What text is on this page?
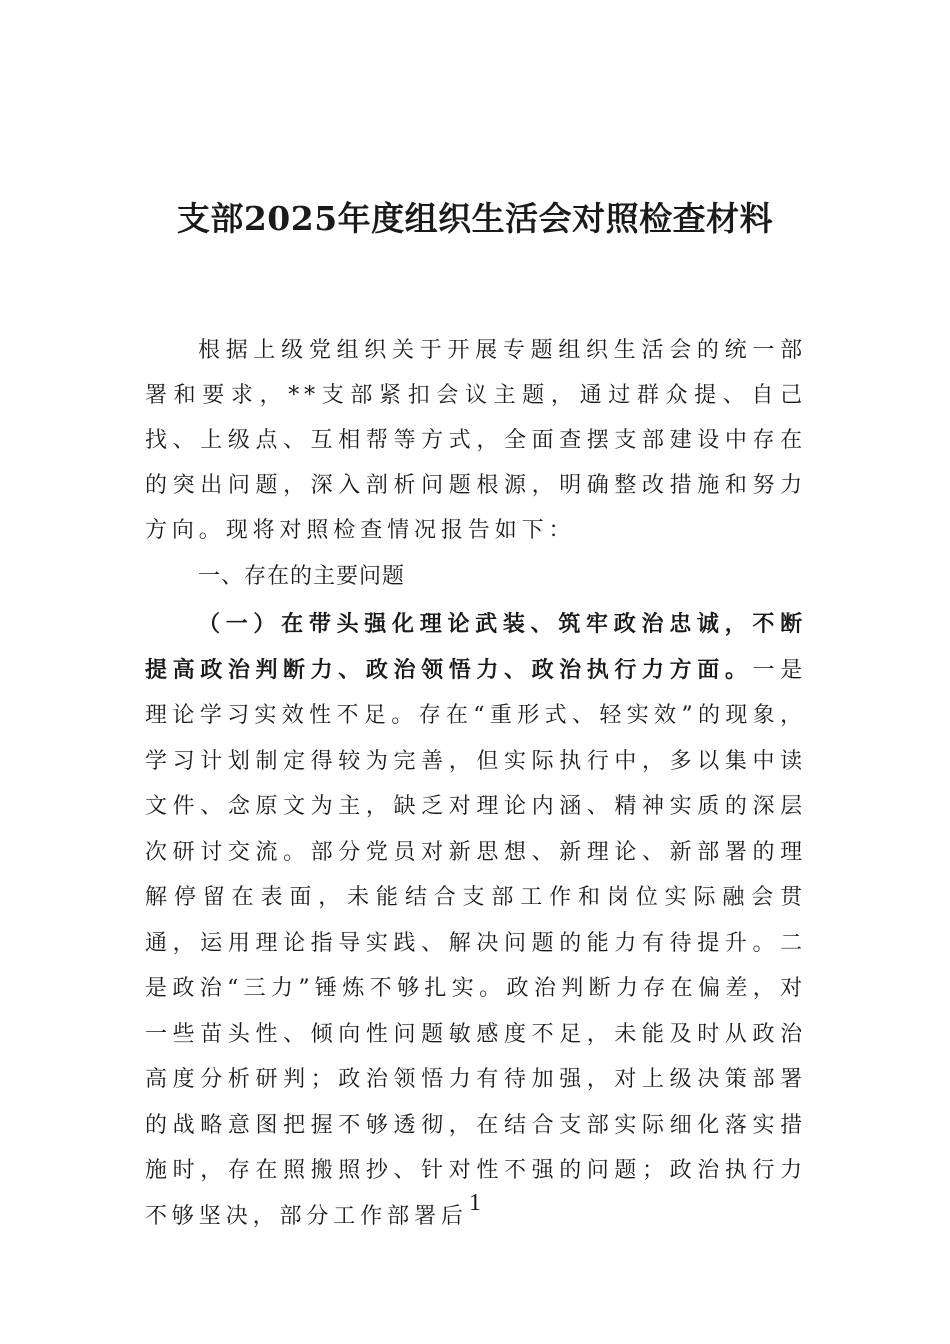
支部2025年度组织生活会对照检查材料

根据上级党组织关于开展专题组织生活会的统一部署和要求，**支部紧扣会议主题，通过群众提、自己找、上级点、互相帮等方式，全面查摆支部建设中存在的突出问题，深入剖析问题根源，明确整改措施和努力方向。现将对照检查情况报告如下：

一、存在的主要问题

（一）在带头强化理论武装、筑牢政治忠诚，不断提高政治判断力、政治领悟力、政治执行力方面。一是理论学习实效性不足。存在“重形式、轻实效”的现象，学习计划制定得较为完善，但实际执行中，多以集中读文件、念原文为主，缺乏对理论内涵、精神实质的深层次研讨交流。部分党员对新思想、新理论、新部署的理解停留在表面，未能结合支部工作和岗位实际融会贯通，运用理论指导实践、解决问题的能力有待提升。二是政治“三力”锤炼不够扎实。政治判断力存在偏差，对一些苗头性、倾向性问题敏感度不足，未能及时从政治高度分析研判；政治领悟力有待加强，对上级决策部署的战略意图把握不够透彻，在结合支部实际细化落实措施时，存在照搬照抄、针对性不强的问题；政治执行力不够坚决，部分工作部署后 1
